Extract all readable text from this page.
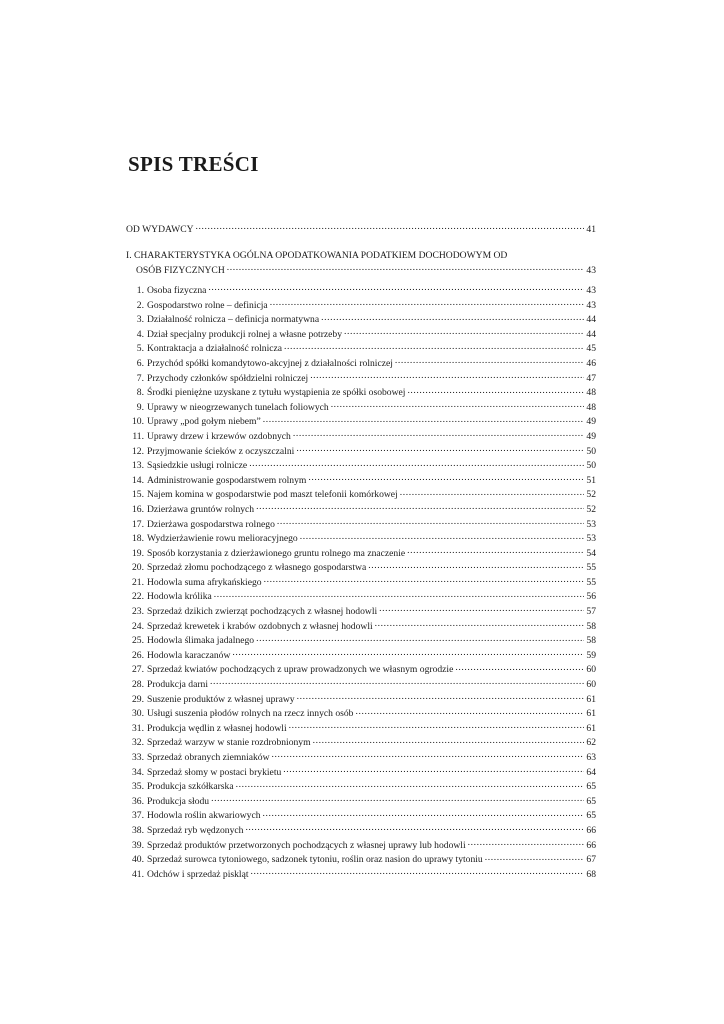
SPIS TREŚCI
OD WYDAWCY .....	41
I. CHARAKTERYSTYKA OGÓLNA OPODATKOWANIA PODATKIEM DOCHODOWYM OD
OSÓB FIZYCZNYCH .....	43
1. Osoba fizyczna .....	43
2. Gospodarstwo rolne – definicja .....	43
3. Działalność rolnicza – definicja normatywna .....	44
4. Dział specjalny produkcji rolnej a własne potrzeby .....	44
5. Kontraktacja a działalność rolnicza .....	45
6. Przychód spółki komandytowo-akcyjnej z działalności rolniczej .....	46
7. Przychody członków spółdzielni rolniczej .....	47
8. Środki pieniężne uzyskane z tytułu wystąpienia ze spółki osobowej .....	48
9. Uprawy w nieogrzewanych tunelach foliowych .....	48
10. Uprawy „pod gołym niebem” .....	49
11. Uprawy drzew i krzewów ozdobnych .....	49
12. Przyjmowanie ścieków z oczyszczalni .....	50
13. Sąsiedzkie usługi rolnicze .....	50
14. Administrowanie gospodarstwem rolnym .....	51
15. Najem komina w gospodarstwie pod maszt telefonii komórkowej .....	52
16. Dzierżawa gruntów rolnych .....	52
17. Dzierżawa gospodarstwa rolnego .....	53
18. Wydzierżawienie rowu melioracyjnego .....	53
19. Sposób korzystania z dzierżawionego gruntu rolnego ma znaczenie .....	54
20. Sprzedaż złomu pochodzącego z własnego gospodarstwa .....	55
21. Hodowla suma afrykańskiego .....	55
22. Hodowla królika .....	56
23. Sprzedaż dzikich zwierząt pochodzących z własnej hodowli .....	57
24. Sprzedaż krewetek i krabów ozdobnych z własnej hodowli .....	58
25. Hodowla ślimaka jadalnego .....	58
26. Hodowla karaczanów .....	59
27. Sprzedaż kwiatów pochodzących z upraw prowadzonych we własnym ogrodzie .....	60
28. Produkcja darni .....	60
29. Suszenie produktów z własnej uprawy .....	61
30. Usługi suszenia płodów rolnych na rzecz innych osób .....	61
31. Produkcja wędlin z własnej hodowli .....	61
32. Sprzedaż warzyw w stanie rozdrobnionym .....	62
33. Sprzedaż obranych ziemniaków .....	63
34. Sprzedaż słomy w postaci brykietu .....	64
35. Produkcja szkółkarska .....	65
36. Produkcja słodu .....	65
37. Hodowla roślin akwariowych .....	65
38. Sprzedaż ryb wędzonych .....	66
39. Sprzedaż produktów przetworzonych pochodzących z własnej uprawy lub hodowli .....	66
40. Sprzedaż surowca tytoniowego, sadzonek tytoniu, roślin oraz nasion do uprawy tytoniu .....	67
41. Odchów i sprzedaż piskląt .....	68
